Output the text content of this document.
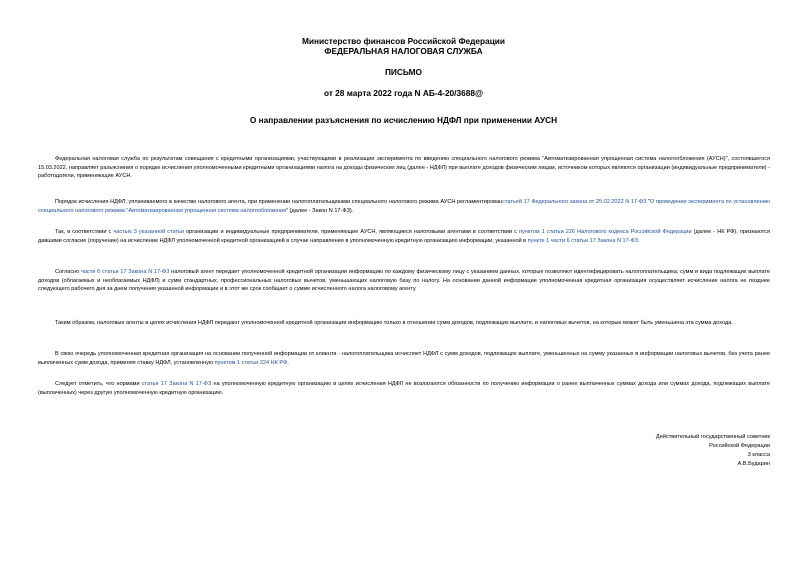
Министерство финансов Российской Федерации
ФЕДЕРАЛЬНАЯ НАЛОГОВАЯ СЛУЖБА
ПИСЬМО
от 28 марта 2022 года N АБ-4-20/3688@
О направлении разъяснения по исчислению НДФЛ при применении АУСН

Федеральная налоговая служба по результатам совещания с кредитными организациями, участвующими в реализации эксперимента по введению специального налогового режима "Автоматизированная упрощенная система налогообложения (АУСН)", состоявшегося 15.03.2022, направляет разъяснения о порядке исчисления уполномоченными кредитными организациями налога на доходы физических лиц (далее - НДФЛ) при выплате доходов физическим лицам, источником которых являются организации (индивидуальные предприниматели) - работодатели, применяющие АУСН.

Порядок исчисления НДФЛ, уплачиваемого в качестве налогового агента, при применении налогоплательщиками специального налогового режима АУСН регламентированстатьей 17 Федерального закона от 25.02.2022 N 17-ФЗ "О проведении эксперимента по установлению специального налогового режима "Автоматизированная упрощенная система налогообложения" (далее - Закон N 17-ФЗ).

Так, в соответствии с частью 3 указанной статьи организации и индивидуальные предприниматели, применяющие АУСН, являющиеся налоговыми агентами в соответствии с пунктом 1 статьи 226 Налогового кодекса Российской Федерации (далее - НК РФ), признаются давшими согласие (поручение) на исчисление НДФЛ уполномоченной кредитной организацией в случае направления в уполномоченную кредитную организацию информации, указанной в пункте 1 части 6 статьи 17 Закона N 17-ФЗ.

Согласно части 6 статьи 17 Закона N 17-ФЗ налоговый агент передает уполномоченной кредитной организации информацию по каждому физическому лицу с указанием данных, которые позволяют идентифицировать налогоплательщика; сумм и вида подлежащих выплате доходов (облагаемых и необлагаемых НДФЛ) и сумм стандартных, профессиональных налоговых вычетов, уменьшающих налоговую базу по налогу. На основании данной информации уполномоченная кредитная организация осуществляет исчисление налога не позднее следующего рабочего дня за днем получения указанной информации и в этот же срок сообщает о сумме исчисленного налога налоговому агенту.

Таким образом, налоговые агенты в целях исчисления НДФЛ передают уполномоченной кредитной организации информацию только в отношении сумм доходов, подлежащих выплате, и налоговых вычетов, на которые может быть уменьшена эта сумма дохода.

В свою очередь уполномоченная кредитная организация на основании полученной информации от клиента - налогоплательщика исчисляет НДФЛ с сумм доходов, подлежащих выплате, уменьшенных на сумму указанных в информации налоговых вычетов, без учета ранее выплаченных сумм дохода, применяя ставку НДФЛ, установленную пунктом 1 статьи 224 НК РФ.

Следует отметить, что нормами статьи 17 Закона N 17-ФЗ на уполномоченную кредитную организацию в целях исчисления НДФЛ не возлагаются обязанности по получению информации о ранее выплаченных суммах дохода или суммах дохода, подлежащих выплате (выплаченных) через другую уполномоченную кредитную организацию.

Действительный государственный советник
Российской Федерации
3 класса
А.В.Бударин
